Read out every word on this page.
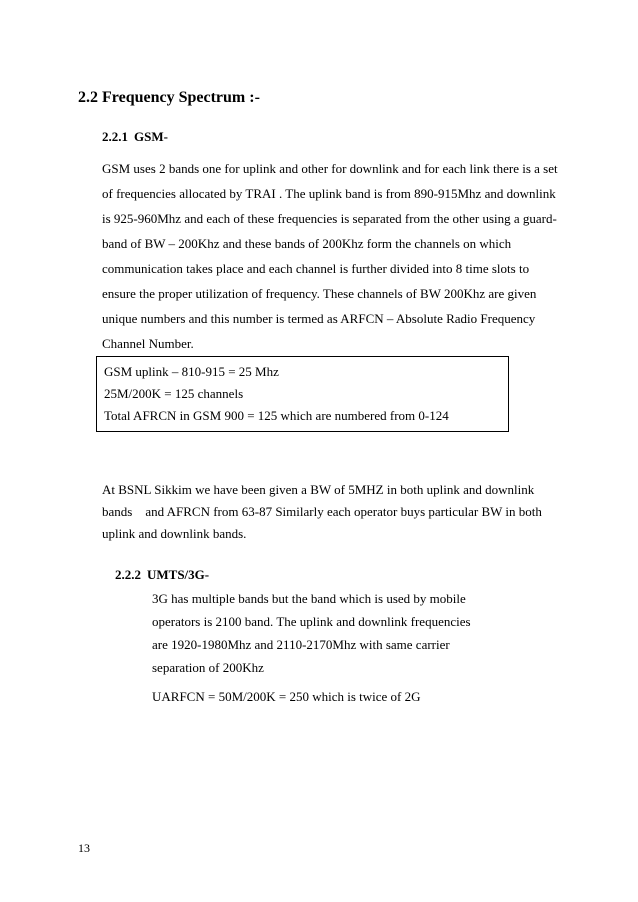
2.2 Frequency Spectrum :-
2.2.1 GSM-
GSM uses 2 bands one for uplink and other for downlink and for each link there is a set
of frequencies allocated by TRAI . The uplink band is from 890-915Mhz and downlink
is 925-960Mhz and each of these frequencies is separated from the other using a guard-
band of BW – 200Khz and these bands of 200Khz form the channels on which
communication takes place and each channel is further divided into 8 time slots to
ensure the proper utilization of frequency. These channels of BW 200Khz are given
unique numbers and this number is termed as ARFCN – Absolute Radio Frequency
Channel Number.
GSM uplink – 810-915 = 25 Mhz
25M/200K = 125 channels
Total AFRCN in GSM 900 = 125 which are numbered from 0-124
At BSNL Sikkim we have been given a BW of 5MHZ in both uplink and downlink
bands    and AFRCN from 63-87 Similarly each operator buys particular BW in both
uplink and downlink bands.
2.2.2 UMTS/3G-
3G has multiple bands but the band which is used by mobile
operators is 2100 band. The uplink and downlink frequencies
are 1920-1980Mhz and 2110-2170Mhz with same carrier
separation of 200Khz
UARFCN = 50M/200K = 250 which is twice of 2G
13
